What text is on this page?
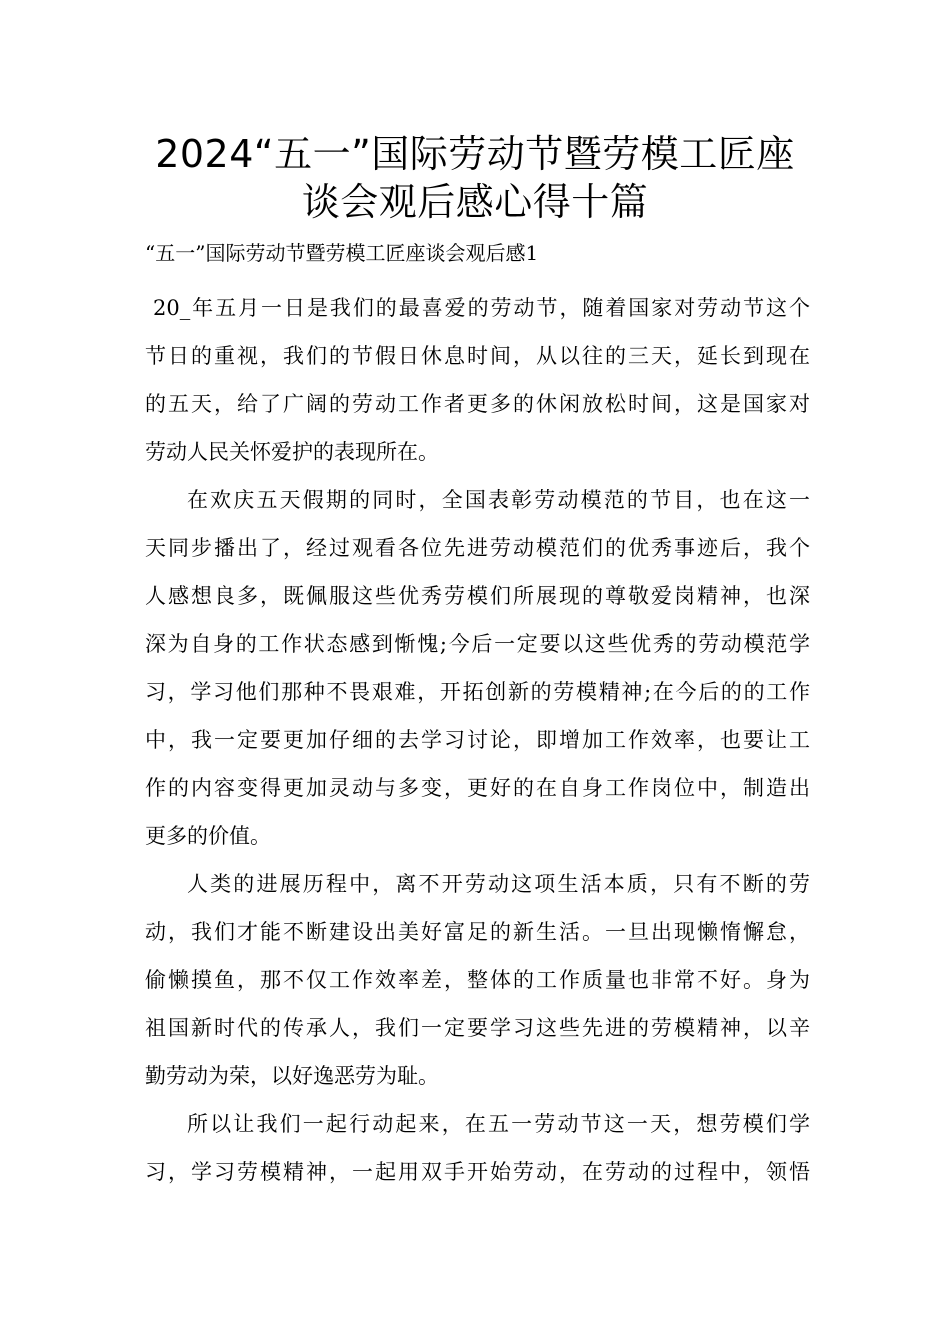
2024“五一”国际劳动节暨劳模工匠座
谈会观后感心得十篇
“五一”国际劳动节暨劳模工匠座谈会观后感1
20_年五月一日是我们的最喜爱的劳动节，随着国家对劳动节这个
节日的重视，我们的节假日休息时间，从以往的三天，延长到现在
的五天，给了广阔的劳动工作者更多的休闲放松时间，这是国家对
劳动人民关怀爱护的表现所在。
在欢庆五天假期的同时，全国表彰劳动模范的节目，也在这一
天同步播出了，经过观看各位先进劳动模范们的优秀事迹后，我个
人感想良多，既佩服这些优秀劳模们所展现的尊敬爱岗精神，也深
深为自身的工作状态感到惭愧;今后一定要以这些优秀的劳动模范学
习，学习他们那种不畏艰难，开拓创新的劳模精神;在今后的的工作
中，我一定要更加仔细的去学习讨论，即增加工作效率，也要让工
作的内容变得更加灵动与多变，更好的在自身工作岗位中，制造出
更多的价值。
人类的进展历程中，离不开劳动这项生活本质，只有不断的劳
动，我们才能不断建设出美好富足的新生活。一旦出现懒惰懈怠，
偷懒摸鱼，那不仅工作效率差，整体的工作质量也非常不好。身为
祖国新时代的传承人，我们一定要学习这些先进的劳模精神，以辛
勤劳动为荣，以好逸恶劳为耻。
所以让我们一起行动起来，在五一劳动节这一天，想劳模们学
习，学习劳模精神，一起用双手开始劳动，在劳动的过程中，领悟
